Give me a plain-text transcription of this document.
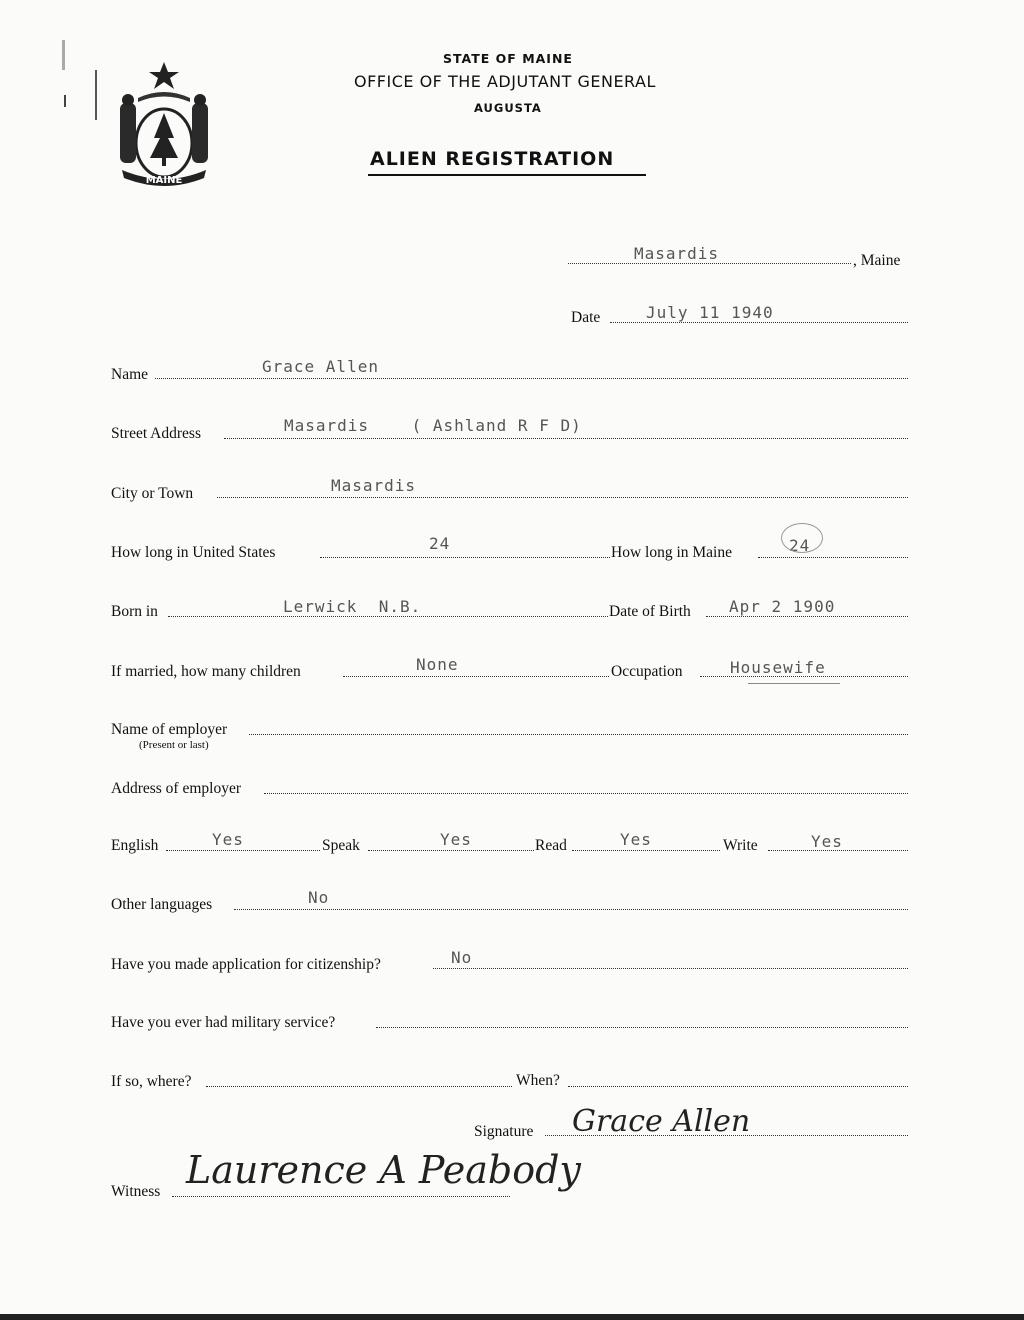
MAINE
STATE OF MAINE
OFFICE OF THE ADJUTANT GENERAL
AUGUSTA
ALIEN REGISTRATION
Masardis	, Maine
Date	July 11 1940
Name	Grace Allen
Street Address	Masardis    ( Ashland R F D)
City or Town	Masardis
How long in United States	24	How long in Maine	24
Born in	Lerwick  N.B.	Date of Birth Apr 2 1900
If married, how many children	None	Occupation	Housewife
Name of employer
(Present or last)
Address of employer
English	Yes	Speak	Yes	Read	Yes	Write	Yes
Other languages	No
Have you made application for citizenship?	No
Have you ever had military service?
If so, where?	When?
Signature Grace Allen
Witness Laurence A Peabody
